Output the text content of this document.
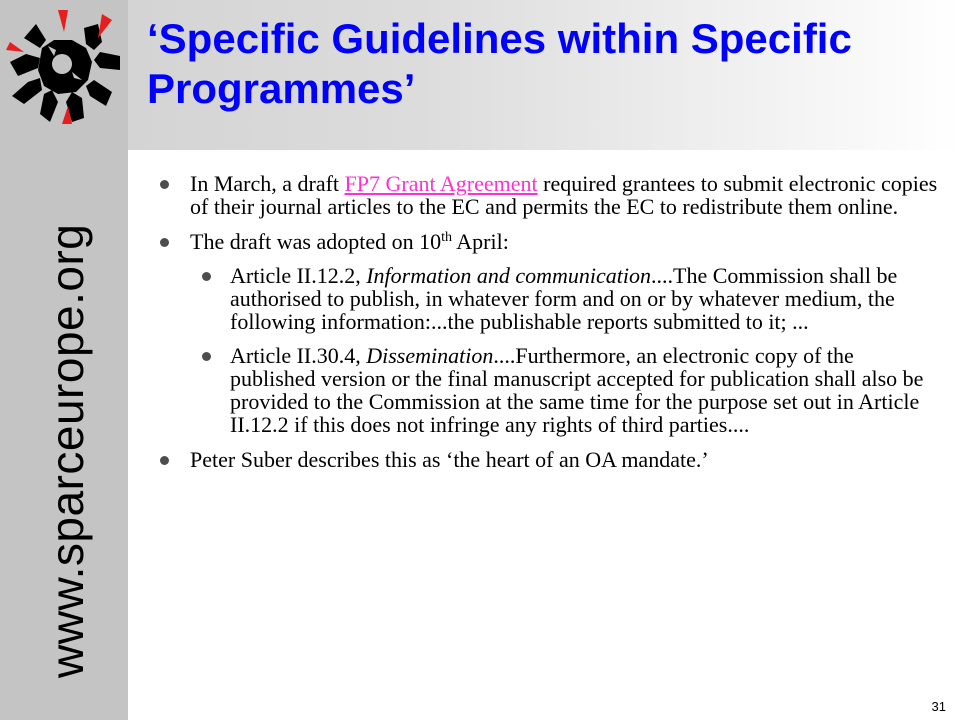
www.sparceurope.org
‘Specific Guidelines within Specific Programmes’
In March, a draft FP7 Grant Agreement required grantees to submit electronic copies of their journal articles to the EC and permits the EC to redistribute them online.
The draft was adopted on 10th April:
Article II.12.2, Information and communication....The Commission shall be authorised to publish, in whatever form and on or by whatever medium, the following information:...the publishable reports submitted to it; ...
Article II.30.4, Dissemination....Furthermore, an electronic copy of the published version or the final manuscript accepted for publication shall also be provided to the Commission at the same time for the purpose set out in Article II.12.2 if this does not infringe any rights of third parties....
Peter Suber describes this as ‘the heart of an OA mandate.’
31
